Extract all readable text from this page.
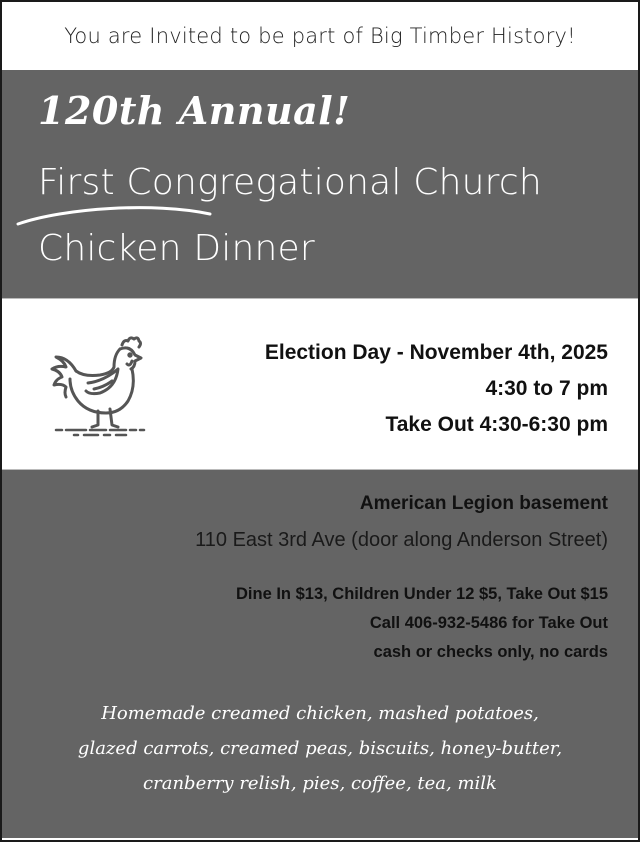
You are Invited to be part of Big Timber History!
120th Annual!
First Congregational Church
Chicken Dinner
Election Day - November 4th, 2025
4:30 to 7 pm
Take Out 4:30-6:30 pm
American Legion basement
110 East 3rd Ave (door along Anderson Street)
Dine In $13, Children Under 12 $5, Take Out $15
Call 406-932-5486 for Take Out
cash or checks only, no cards
Homemade creamed chicken, mashed potatoes,
glazed carrots, creamed peas, biscuits, honey-butter,
cranberry relish, pies, coffee, tea, milk
